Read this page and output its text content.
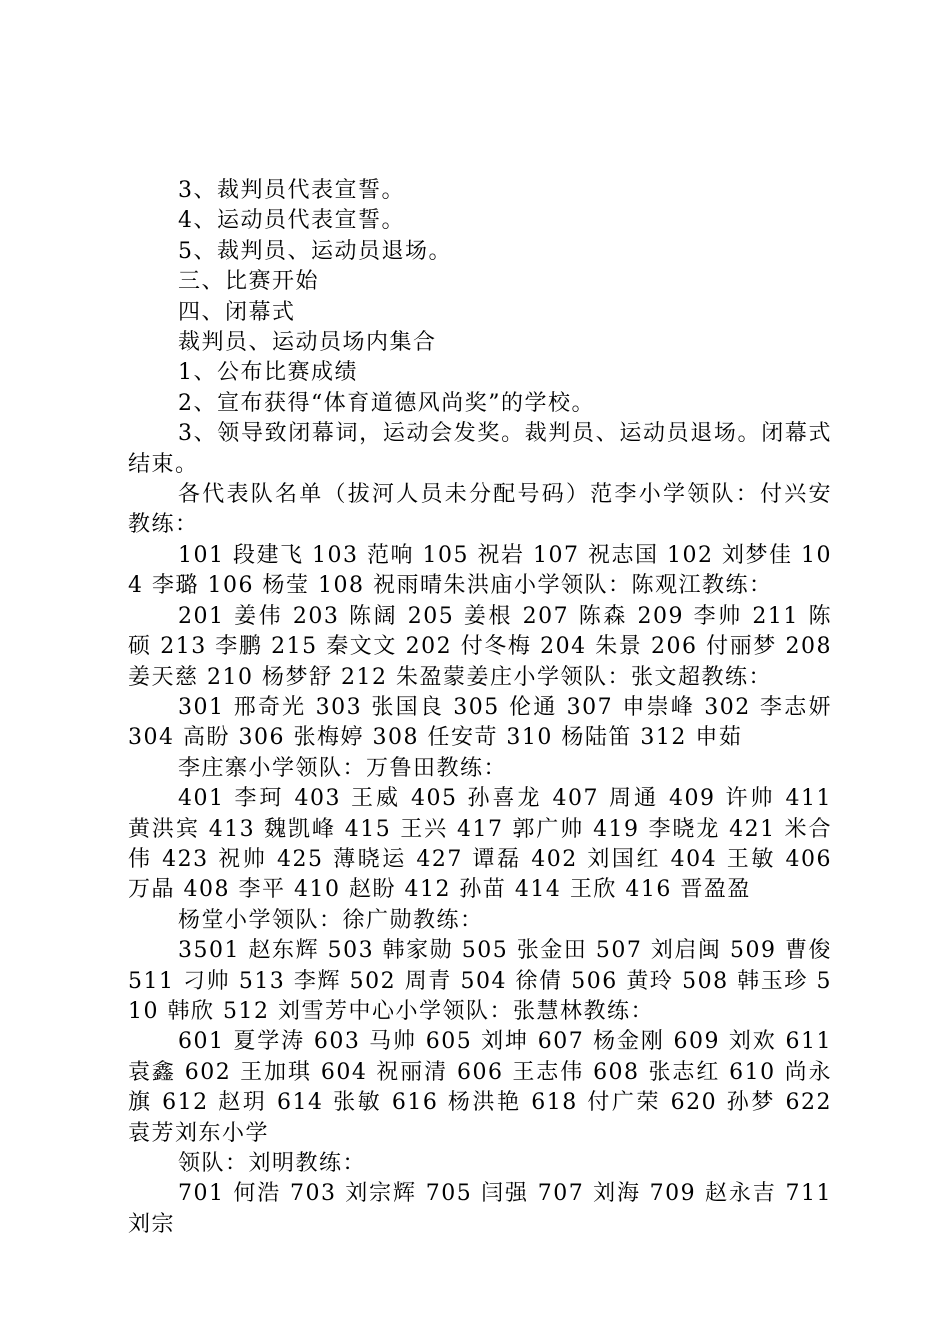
3、裁判员代表宣誓。

4、运动员代表宣誓。

5、裁判员、运动员退场。

三、比赛开始

四、闭幕式

裁判员、运动员场内集合

1、公布比赛成绩

2、宣布获得“体育道德风尚奖”的学校。

3、领导致闭幕词，运动会发奖。裁判员、运动员退场。闭幕式结束。

各代表队名单（拔河人员未分配号码）范李小学领队：付兴安教练：

101 段建飞 103 范响 105 祝岩 107 祝志国 102 刘梦佳 104 李璐 106 杨莹 108 祝雨晴朱洪庙小学领队：陈观江教练：

201 姜伟 203 陈阔 205 姜根 207 陈森 209 李帅 211 陈硕 213 李鹏 215 秦文文 202 付冬梅 204 朱景 206 付丽梦 208 姜天慈 210 杨梦舒 212 朱盈蒙姜庄小学领队：张文超教练：

301 邢奇光 303 张国良 305 伦通 307 申崇峰 302 李志妍 304 高盼 306 张梅婷 308 任安苛 310 杨陆笛 312 申茹

李庄寨小学领队：万鲁田教练：

401 李珂 403 王威 405 孙喜龙 407 周通 409 许帅 411 黄洪宾 413 魏凯峰 415 王兴 417 郭广帅 419 李晓龙 421 米合伟 423 祝帅 425 薄晓运 427 谭磊 402 刘国红 404 王敏 406 万晶 408 李平 410 赵盼 412 孙苗 414 王欣 416 晋盈盈

杨堂小学领队：徐广勋教练：

3501 赵东辉 503 韩家勋 505 张金田 507 刘启闽 509 曹俊 511 刁帅 513 李辉 502 周青 504 徐倩 506 黄玲 508 韩玉珍 510 韩欣 512 刘雪芳中心小学领队：张慧林教练：

601 夏学涛 603 马帅 605 刘坤 607 杨金刚 609 刘欢 611 袁鑫 602 王加琪 604 祝丽清 606 王志伟 608 张志红 610 尚永旗 612 赵玥 614 张敏 616 杨洪艳 618 付广荣 620 孙梦 622 袁芳刘东小学

领队：刘明教练：

701 何浩 703 刘宗辉 705 闫强 707 刘海 709 赵永吉 711 刘宗
